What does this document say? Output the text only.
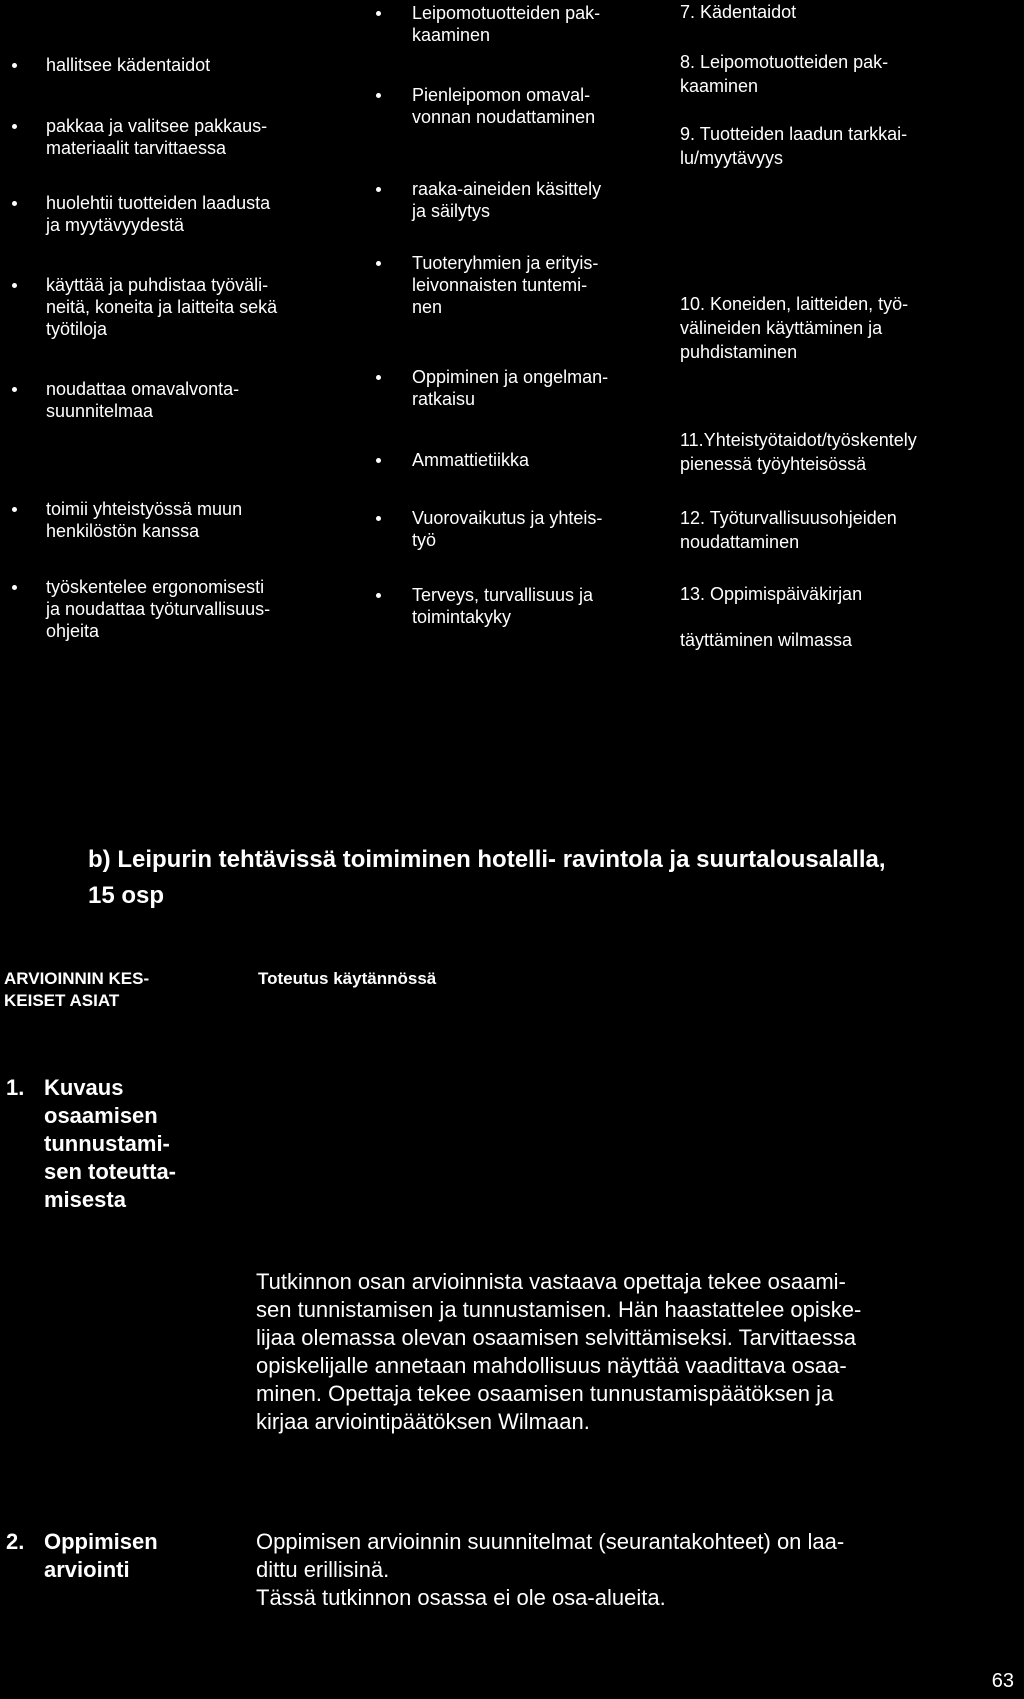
hallitsee kädentaidot
pakkaa ja valitsee pakkaus-
materiaalit tarvittaessa
huolehtii tuotteiden laadusta
ja myytävyydestä
käyttää ja puhdistaa työväli-
neitä, koneita ja laitteita sekä
työtiloja
noudattaa omavalvonta-
suunnitelmaa
toimii yhteistyössä muun
henkilöstön kanssa
työskentelee ergonomisesti
ja noudattaa työturvallisuus-
ohjeita
Leipomotuotteiden pak-
kaaminen
Pienleipomon omaval-
vonnan noudattaminen
raaka-aineiden käsittely
ja säilytys
Tuoteryhmien ja erityis-
leivonnaisten tuntemi-
nen
Oppiminen ja ongelman-
ratkaisu
Ammattietiikka
Vuorovaikutus ja yhteis-
työ
Terveys, turvallisuus ja
toimintakyky
7. Kädentaidot
8. Leipomotuotteiden pak-
kaaminen
9. Tuotteiden laadun tarkkai-
lu/myytävyys
10. Koneiden, laitteiden, työ-
välineiden käyttäminen ja
puhdistaminen
11.Yhteistyötaidot/työskentely
pienessä työyhteisössä
12. Työturvallisuusohjeiden
noudattaminen
13. Oppimispäiväkirjan
täyttäminen wilmassa
b) Leipurin tehtävissä toimiminen hotelli- ravintola ja suurtalousalalla,
15 osp
ARVIOINNIN KES-
KEISET ASIAT
Toteutus käytännössä
1. Kuvaus
osaamisen
tunnustami-
sen toteutta-
misesta
Tutkinnon osan arvioinnista vastaava opettaja tekee osaami-
sen tunnistamisen ja tunnustamisen. Hän haastattelee opiske-
lijaa olemassa olevan osaamisen selvittämiseksi. Tarvittaessa
opiskelijalle annetaan mahdollisuus näyttää vaadittava osaa-
minen. Opettaja tekee osaamisen tunnustamispäätöksen ja
kirjaa arviointipäätöksen Wilmaan.
2. Oppimisen
arviointi
Oppimisen arvioinnin suunnitelmat (seurantakohteet) on laa-
dittu erillisinä.
Tässä tutkinnon osassa ei ole osa-alueita.
63
